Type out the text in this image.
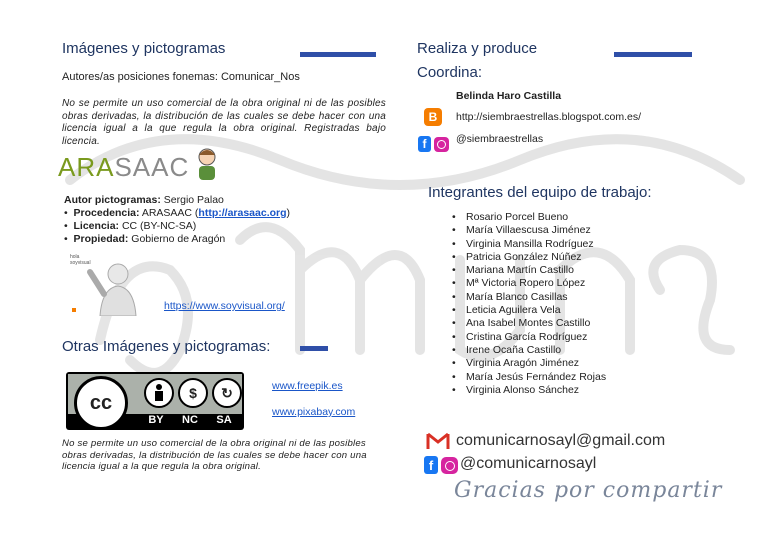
Imágenes y pictogramas
Autores/as posiciones fonemas: Comunicar_Nos
No se permite un uso comercial de la obra original ni de las posibles obras derivadas, la distribución de las cuales se debe hacer con una licencia igual a la que regula la obra original. Registradas bajo licencia.
ARASAAC
Autor pictogramas: Sergio Palao
•  Procedencia: ARASAAC (http://arasaac.org)
•  Licencia: CC (BY-NC-SA)
•  Propiedad: Gobierno de Aragón
hola
soyvisual
https://www.soyvisual.org/
Otras Imágenes y pictogramas:
cc	$	↻
BY	NC	SA
www.freepik.es
www.pixabay.com
No se permite un uso comercial de la obra original ni de las posibles obras derivadas, la distribución de las cuales se debe hacer con una licencia igual a la que regula la obra original.
Realiza y produce
Coordina:
Belinda Haro Castilla
B http://siembraestrellas.blogspot.com.es/
f	@siembraestrellas
Integrantes del equipo de trabajo:
• Rosario Porcel Bueno
• María Villaescusa Jiménez
• Virginia Mansilla Rodríguez
• Patricia González Núñez
• Mariana Martín Castillo
• Mª Victoria Ropero López
• María Blanco Casillas
• Leticia Aguilera Vela
• Ana Isabel Montes Castillo
• Cristina García Rodríguez
• Irene Ocaña Castillo
• Virginia Aragón Jiménez
• María Jesús Fernández Rojas
• Virginia Alonso Sánchez
comunicarnosayl@gmail.com
f @comunicarnosayl
Gracias por compartir
